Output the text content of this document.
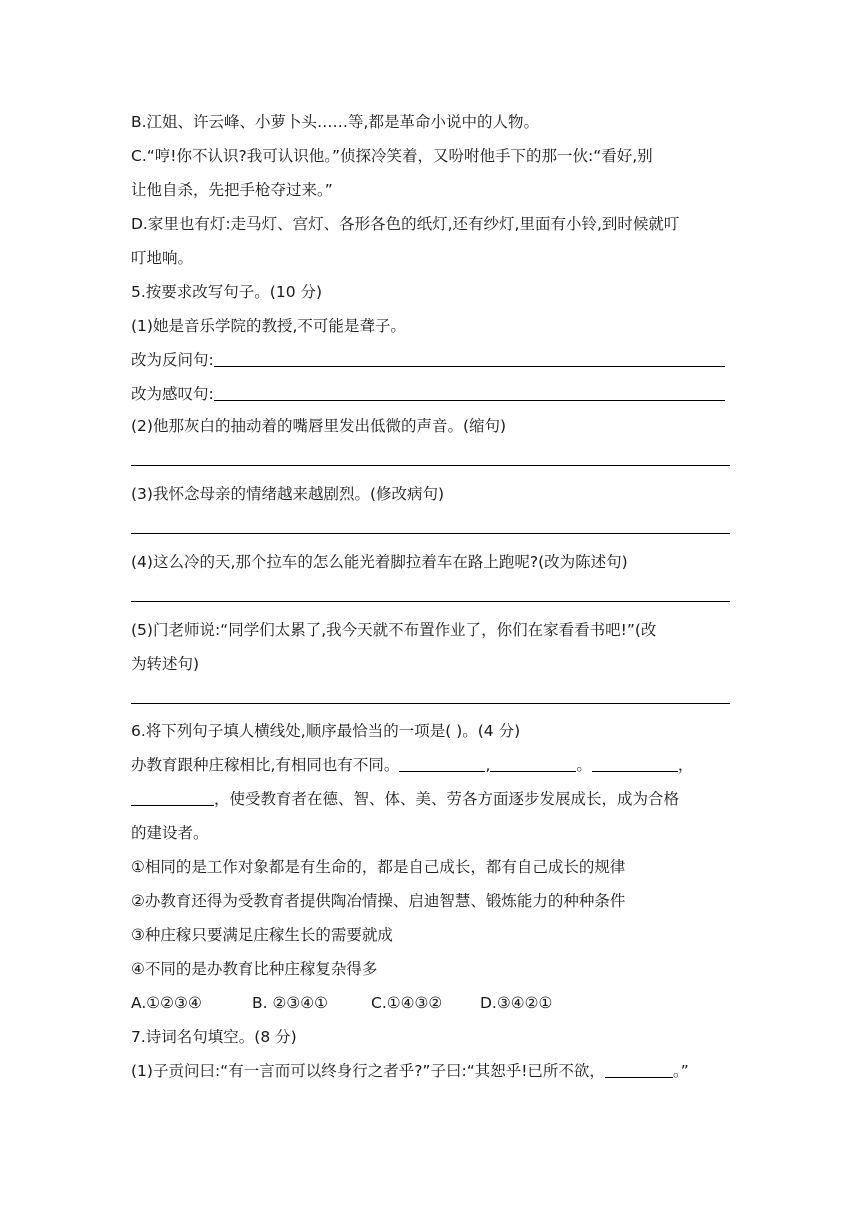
B.江姐、许云峰、小萝卜头……等,都是革命小说中的人物。
C.“哼!你不认识?我可认识他。”侦探冷笑着，又吩咐他手下的那一伙:“看好,别
让他自杀，先把手枪夺过来。”
D.家里也有灯:走马灯、宫灯、各形各色的纸灯,还有纱灯,里面有小铃,到时候就叮
叮地响。
5.按要求改写句子。(10 分)
(1)她是音乐学院的教授,不可能是聋子。
改为反问句:
改为感叹句:
(2)他那灰白的抽动着的嘴唇里发出低微的声音。(缩句)
(3)我怀念母亲的情绪越来越剧烈。(修改病句)
(4)这么冷的天,那个拉车的怎么能光着脚拉着车在路上跑呢?(改为陈述句)
(5)门老师说:“同学们太累了,我今天就不布置作业了，你们在家看看书吧!”(改
为转述句)
6.将下列句子填人横线处,顺序最恰当的一项是( )。(4 分)
办教育跟种庄稼相比,有相同也有不同。	,	。	，
，使受教育者在德、智、体、美、劳各方面逐步发展成长，成为合格
的建设者。
①相同的是工作对象都是有生命的，都是自己成长，都有自己成长的规律
②办教育还得为受教育者提供陶冶情操、启迪智慧、锻炼能力的种种条件
③种庄稼只要满足庄稼生长的需要就成
④不同的是办教育比种庄稼复杂得多
A.①②③④	B. ②③④①	C.①④③② D.③④②①
7.诗词名句填空。(8 分)
(1)子贡问曰:“有一言而可以终身行之者乎?”子曰:“其恕乎!已所不欲，	。”
